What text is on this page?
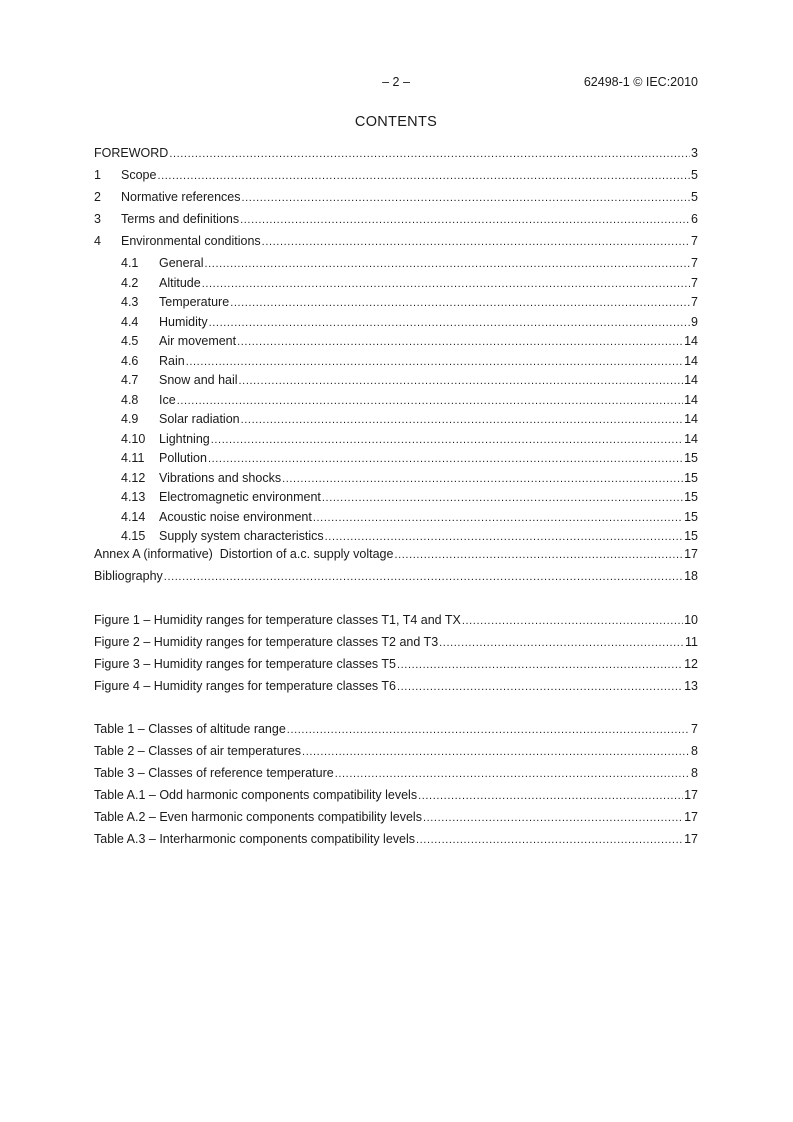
– 2 –	62498-1 © IEC:2010
CONTENTS
FOREWORD .....	3
1	Scope .....	5
2	Normative references .....	5
3	Terms and definitions .....	6
4	Environmental conditions .....	7
4.1	General .....	7
4.2	Altitude .....	7
4.3	Temperature .....	7
4.4	Humidity .....	9
4.5	Air movement .....	14
4.6	Rain .....	14
4.7	Snow and hail .....	14
4.8	Ice .....	14
4.9	Solar radiation .....	14
4.10	Lightning .....	14
4.11	Pollution .....	15
4.12	Vibrations and shocks .....	15
4.13	Electromagnetic environment .....	15
4.14	Acoustic noise environment .....	15
4.15	Supply system characteristics .....	15
Annex A (informative)  Distortion of a.c. supply voltage .....	17
Bibliography .....	18
Figure 1 – Humidity ranges for temperature classes T1, T4 and TX .....	10
Figure 2 – Humidity ranges for temperature classes T2 and T3 .....	11
Figure 3 – Humidity ranges for temperature classes T5 .....	12
Figure 4 – Humidity ranges for temperature classes T6 .....	13
Table 1 – Classes of altitude range .....	7
Table 2 – Classes of air temperatures .....	8
Table 3 – Classes of reference temperature .....	8
Table A.1 – Odd harmonic components compatibility levels .....	17
Table A.2 – Even harmonic components compatibility levels .....	17
Table A.3 – Interharmonic components compatibility levels .....	17
